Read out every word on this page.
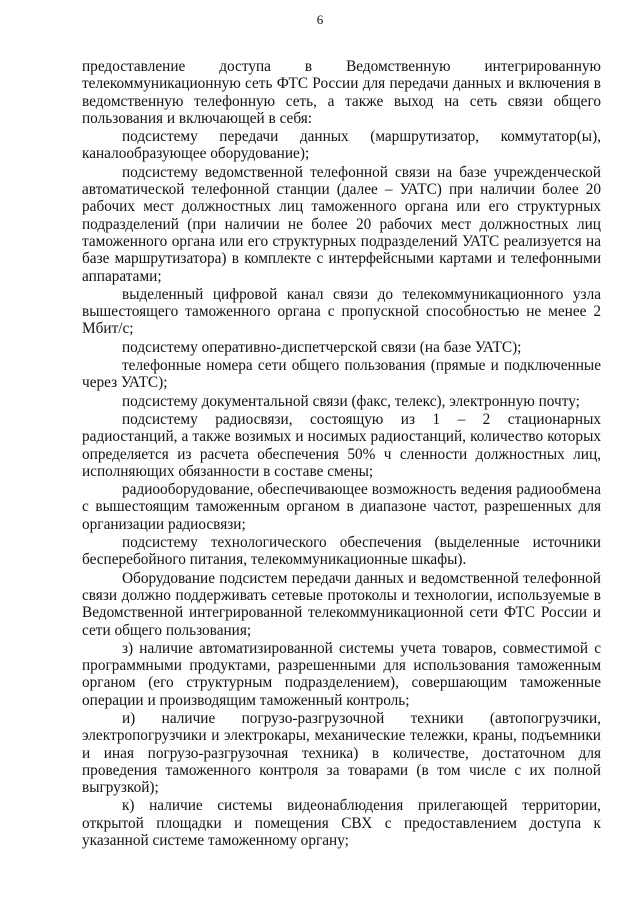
6

предоставление доступа в Ведомственную интегрированную телекоммуникационную сеть ФТС России для передачи данных и включения в ведомственную телефонную сеть, а также выход на сеть связи общего пользования и включающей в себя:

подсистему передачи данных (маршрутизатор, коммутатор(ы), каналообразующее оборудование);

подсистему ведомственной телефонной связи на базе учрежденческой автоматической телефонной станции (далее – УАТС) при наличии более 20 рабочих мест должностных лиц таможенного органа или его структурных подразделений (при наличии не более 20 рабочих мест должностных лиц таможенного органа или его структурных подразделений УАТС реализуется на базе маршрутизатора) в комплекте с интерфейсными картами и телефонными аппаратами;

выделенный цифровой канал связи до телекоммуникационного узла вышестоящего таможенного органа с пропускной способностью не менее 2 Мбит/с;

подсистему оперативно-диспетчерской связи (на базе УАТС);

телефонные номера сети общего пользования (прямые и подключенные через УАТС);

подсистему документальной связи (факс, телекс), электронную почту;

подсистему радиосвязи, состоящую из 1 – 2 стационарных радиостанций, а также возимых и носимых радиостанций, количество которых определяется из расчета обеспечения 50% ч сленности должностных лиц, исполняющих обязанности в составе смены;

радиооборудование, обеспечивающее возможность ведения радиообмена с вышестоящим таможенным органом в диапазоне частот, разрешенных для организации радиосвязи;

подсистему технологического обеспечения (выделенные источники бесперебойного питания, телекоммуникационные шкафы).

Оборудование подсистем передачи данных и ведомственной телефонной связи должно поддерживать сетевые протоколы и технологии, используемые в Ведомственной интегрированной телекоммуникационной сети ФТС России и сети общего пользования;

з) наличие автоматизированной системы учета товаров, совместимой с программными продуктами, разрешенными для использования таможенным органом (его структурным подразделением), совершающим таможенные операции и производящим таможенный контроль;

и) наличие погрузо-разгрузочной техники (автопогрузчики, электропогрузчики и электрокары, механические тележки, краны, подъемники и иная погрузо-разгрузочная техника) в количестве, достаточном для проведения таможенного контроля за товарами (в том числе с их полной выгрузкой);

к) наличие системы видеонаблюдения прилегающей территории, открытой площадки и помещения СВХ с предоставлением доступа к указанной системе таможенному органу;
